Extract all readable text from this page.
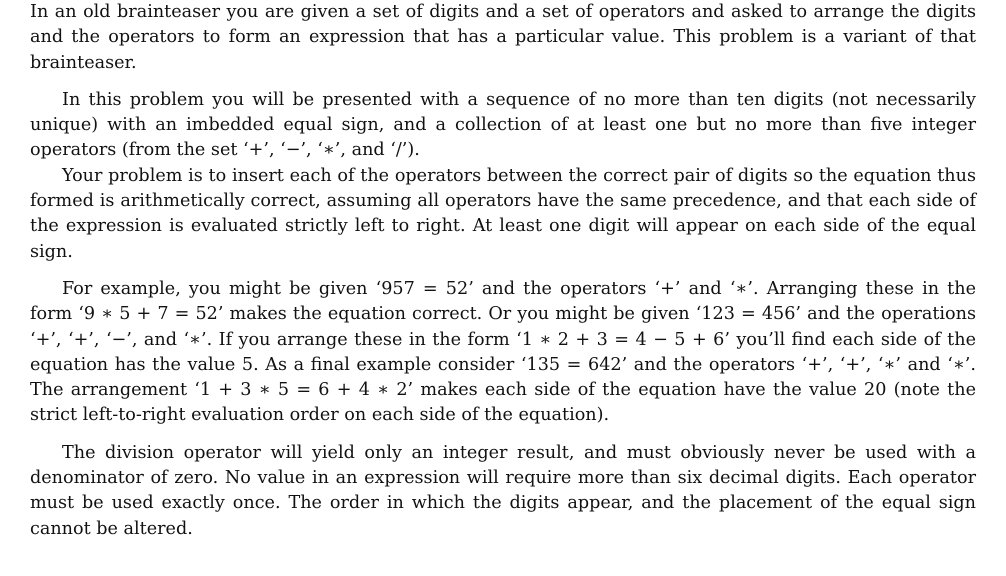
In an old brainteaser you are given a set of digits and a set of operators and asked to arrange the digits and the operators to form an expression that has a particular value. This problem is a variant of that brainteaser.

In this problem you will be presented with a sequence of no more than ten digits (not necessarily unique) with an imbedded equal sign, and a collection of at least one but no more than five integer operators (from the set ‘+’, ‘−’, ‘∗’, and ‘/’).

Your problem is to insert each of the operators between the correct pair of digits so the equation thus formed is arithmetically correct, assuming all operators have the same precedence, and that each side of the expression is evaluated strictly left to right. At least one digit will appear on each side of the equal sign.

For example, you might be given ‘957 = 52’ and the operators ‘+’ and ‘∗’. Arranging these in the form ‘9 ∗ 5 + 7 = 52’ makes the equation correct. Or you might be given ‘123 = 456’ and the operations ‘+’, ‘+’, ‘−’, and ‘∗’. If you arrange these in the form ‘1 ∗ 2 + 3 = 4 − 5 + 6’ you’ll find each side of the equation has the value 5. As a final example consider ‘135 = 642’ and the operators ‘+’, ‘+’, ‘∗’ and ‘∗’. The arrangement ‘1 + 3 ∗ 5 = 6 + 4 ∗ 2’ makes each side of the equation have the value 20 (note the strict left-to-right evaluation order on each side of the equation).

The division operator will yield only an integer result, and must obviously never be used with a denominator of zero. No value in an expression will require more than six decimal digits. Each operator must be used exactly once. The order in which the digits appear, and the placement of the equal sign cannot be altered.
